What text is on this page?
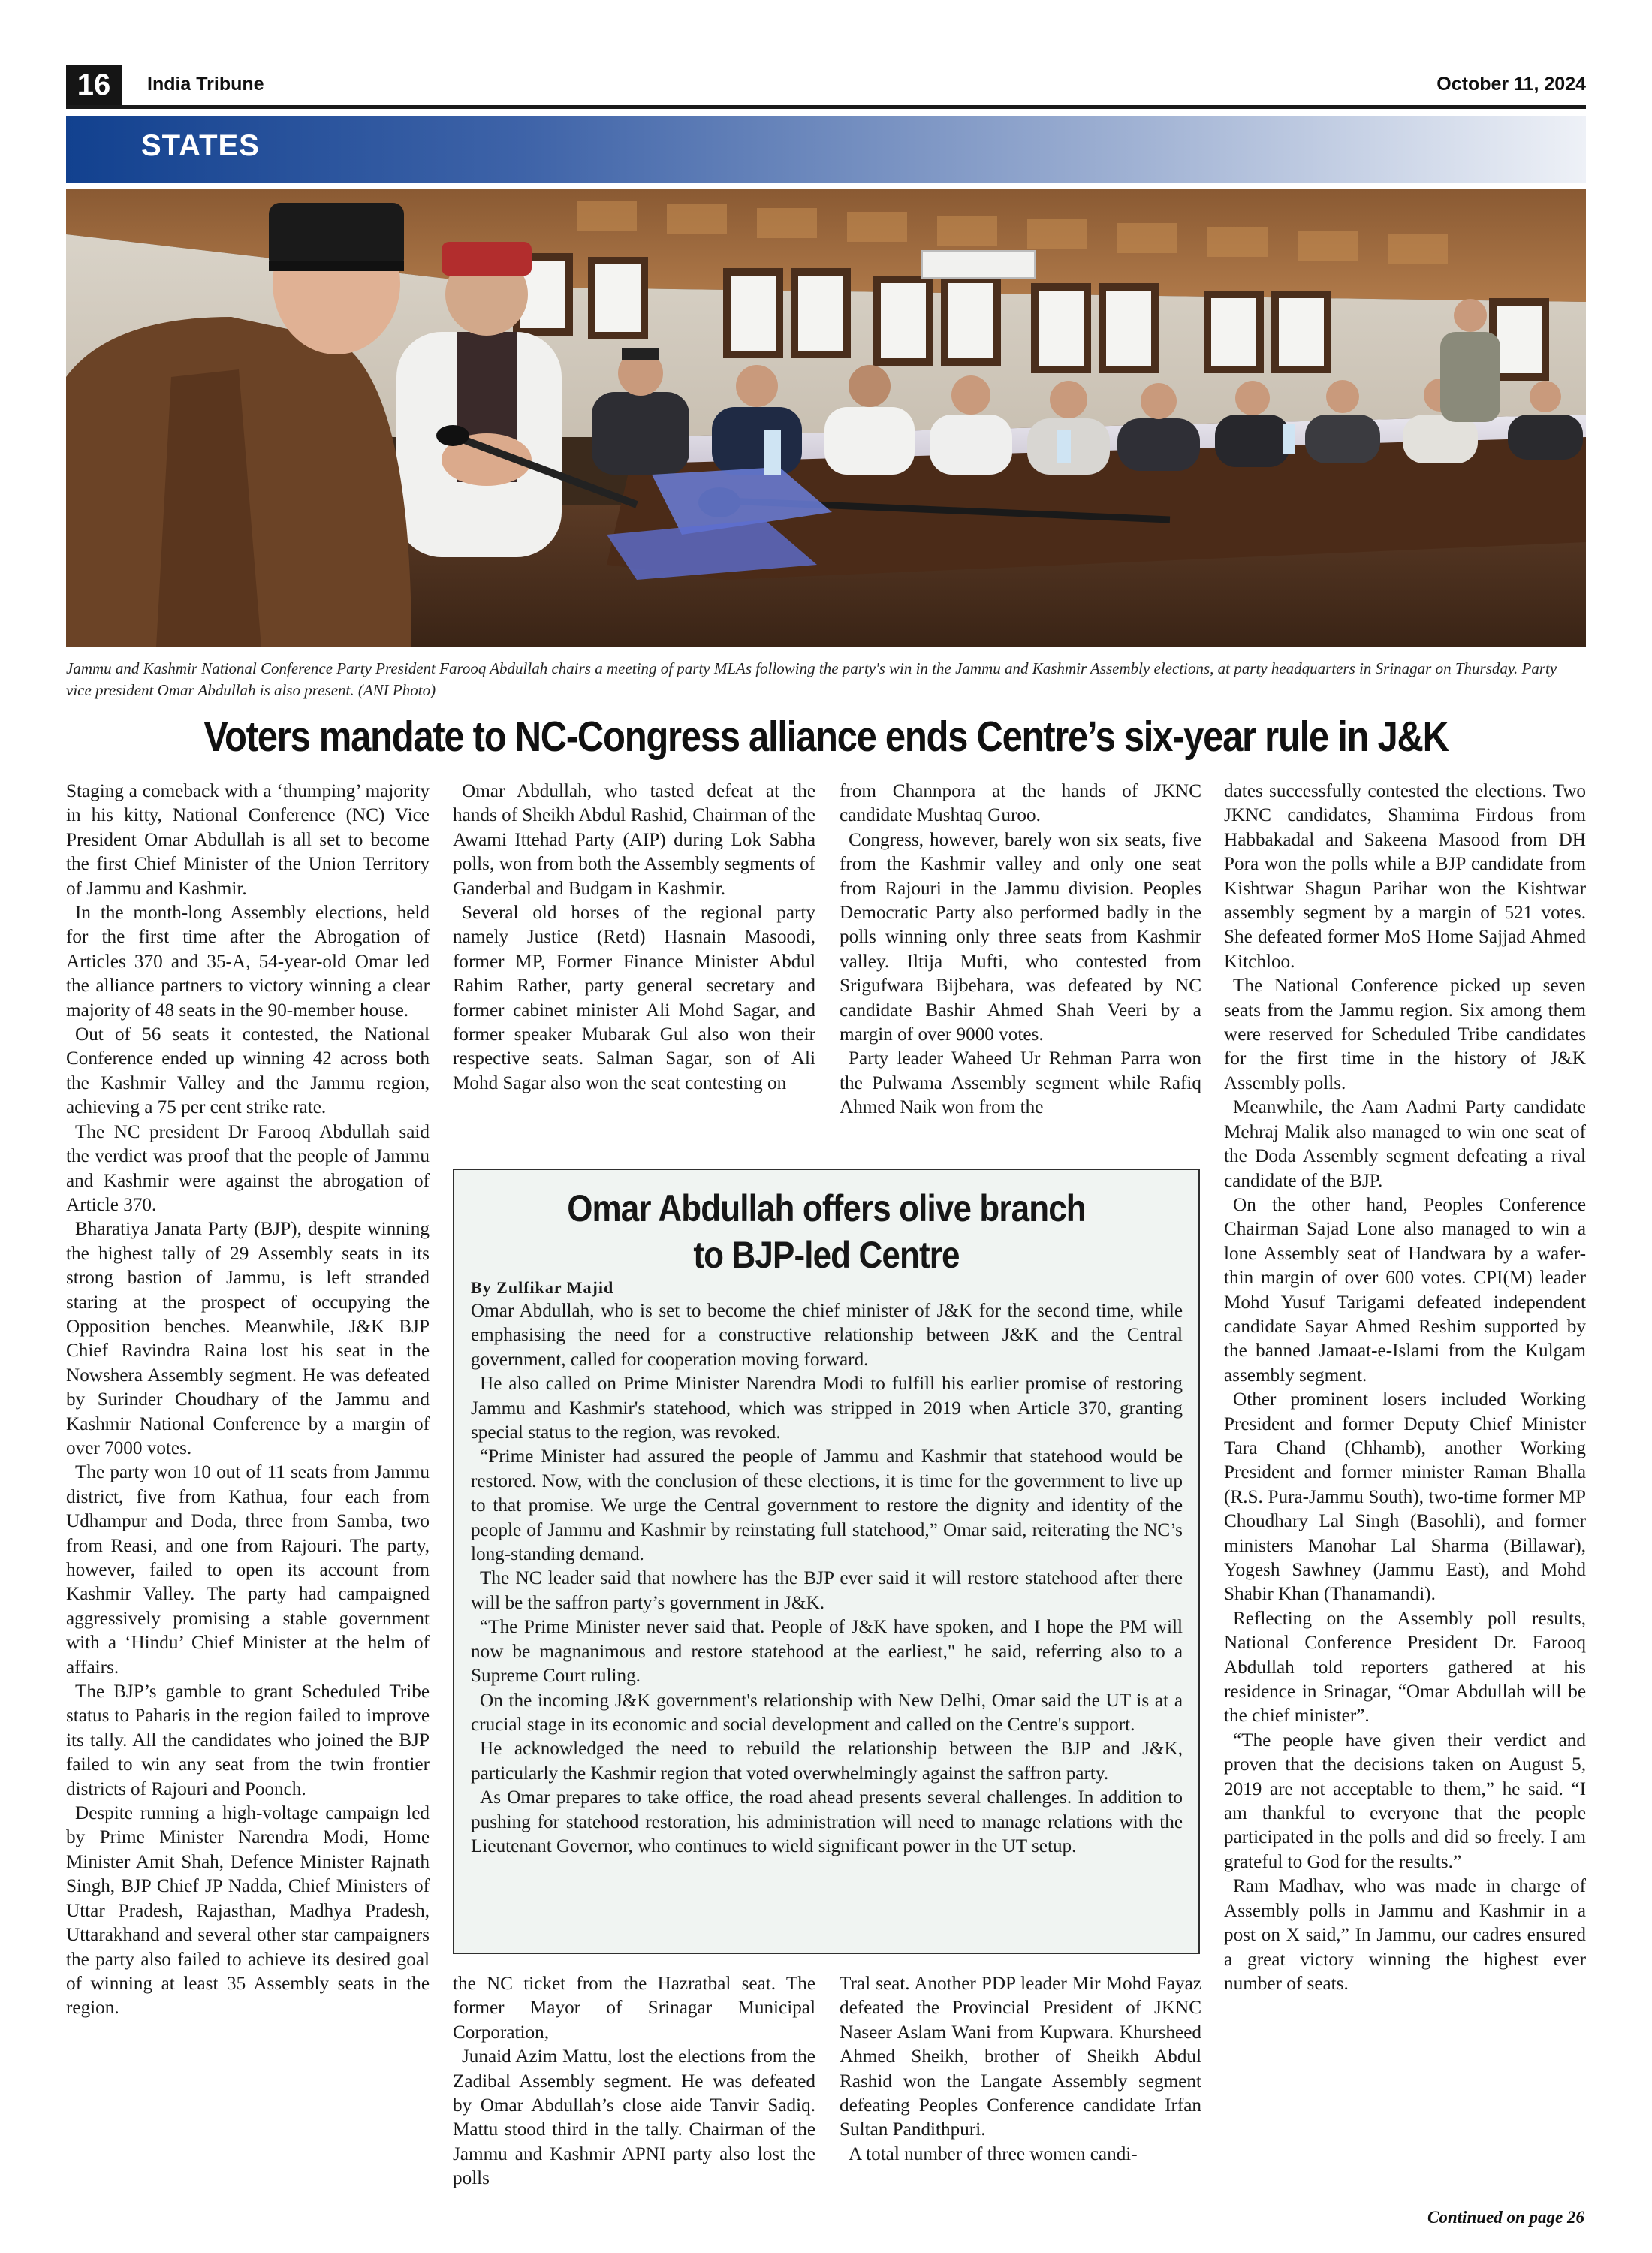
16	India Tribune	October 11, 2024
STATES
Jammu and Kashmir National Conference Party President Farooq Abdullah chairs a meeting of party MLAs following the party's win in the Jammu and Kashmir Assembly elections, at party headquarters in Srinagar on Thursday. Party vice president Omar Abdullah is also present. (ANI Photo)
Voters mandate to NC-Congress alliance ends Centre’s six-year rule in J&K

Staging a comeback with a ‘thumping’ majority in his kitty, National Conference (NC) Vice President Omar Abdullah is all set to become the first Chief Minister of the Union Territory of Jammu and Kashmir.

In the month-long Assembly elections, held for the first time after the Abrogation of Articles 370 and 35-A, 54-year-old Omar led the alliance partners to victory winning a clear majority of 48 seats in the 90-member house.

Out of 56 seats it contested, the National Conference ended up winning 42 across both the Kashmir Valley and the Jammu region, achieving a 75 per cent strike rate.

The NC president Dr Farooq Abdullah said the verdict was proof that the people of Jammu and Kashmir were against the abrogation of Article 370.

Bharatiya Janata Party (BJP), despite winning the highest tally of 29 Assembly seats in its strong bastion of Jammu, is left stranded staring at the prospect of occupying the Opposition benches. Meanwhile, J&K BJP Chief Ravindra Raina lost his seat in the Nowshera Assembly segment. He was defeated by Surinder Choudhary of the Jammu and Kashmir National Conference by a margin of over 7000 votes.

The party won 10 out of 11 seats from Jammu district, five from Kathua, four each from Udhampur and Doda, three from Samba, two from Reasi, and one from Rajouri. The party, however, failed to open its account from Kashmir Valley. The party had campaigned aggressively promising a stable government with a ‘Hindu’ Chief Minister at the helm of affairs.

The BJP’s gamble to grant Scheduled Tribe status to Paharis in the region failed to improve its tally. All the candidates who joined the BJP failed to win any seat from the twin frontier districts of Rajouri and Poonch.

Despite running a high-voltage campaign led by Prime Minister Narendra Modi, Home Minister Amit Shah, Defence Minister Rajnath Singh, BJP Chief JP Nadda, Chief Ministers of Uttar Pradesh, Rajasthan, Madhya Pradesh, Uttarakhand and several other star campaigners the party also failed to achieve its desired goal of winning at least 35 Assembly seats in the region.

Omar Abdullah, who tasted defeat at the hands of Sheikh Abdul Rashid, Chairman of the Awami Ittehad Party (AIP) during Lok Sabha polls, won from both the Assembly segments of Ganderbal and Budgam in Kashmir.

Several old horses of the regional party namely Justice (Retd) Hasnain Masoodi, former MP, Former Finance Minister Abdul Rahim Rather, party general secretary and former cabinet minister Ali Mohd Sagar, and former speaker Mubarak Gul also won their respective seats. Salman Sagar, son of Ali Mohd Sagar also won the seat contesting on

from Channpora at the hands of JKNC candidate Mushtaq Guroo.

Congress, however, barely won six seats, five from the Kashmir valley and only one seat from Rajouri in the Jammu division. Peoples Democratic Party also performed badly in the polls winning only three seats from Kashmir valley. Iltija Mufti, who contested from Srigufwara Bijbehara, was defeated by NC candidate Bashir Ahmed Shah Veeri by a margin of over 9000 votes.

Party leader Waheed Ur Rehman Parra won the Pulwama Assembly segment while Rafiq Ahmed Naik won from the

dates successfully contested the elections. Two JKNC candidates, Shamima Firdous from Habbakadal and Sakeena Masood from DH Pora won the polls while a BJP candidate from Kishtwar Shagun Parihar won the Kishtwar assembly segment by a margin of 521 votes. She defeated former MoS Home Sajjad Ahmed Kitchloo.

The National Conference picked up seven seats from the Jammu region. Six among them were reserved for Scheduled Tribe candidates for the first time in the history of J&K Assembly polls.

Meanwhile, the Aam Aadmi Party candidate Mehraj Malik also managed to win one seat of the Doda Assembly segment defeating a rival candidate of the BJP.

On the other hand, Peoples Conference Chairman Sajad Lone also managed to win a lone Assembly seat of Handwara by a wafer-thin margin of over 600 votes. CPI(M) leader Mohd Yusuf Tarigami defeated independent candidate Sayar Ahmed Reshim supported by the banned Jamaat-e-Islami from the Kulgam assembly segment.

Other prominent losers included Working President and former Deputy Chief Minister Tara Chand (Chhamb), another Working President and former minister Raman Bhalla (R.S. Pura-Jammu South), two-time former MP Choudhary Lal Singh (Basohli), and former ministers Manohar Lal Sharma (Billawar), Yogesh Sawhney (Jammu East), and Mohd Shabir Khan (Thanamandi).

Reflecting on the Assembly poll results, National Conference President Dr. Farooq Abdullah told reporters gathered at his residence in Srinagar, “Omar Abdullah will be the chief minister”.

“The people have given their verdict and proven that the decisions taken on August 5, 2019 are not acceptable to them,” he said. “I am thankful to everyone that the people participated in the polls and did so freely. I am grateful to God for the results.”

Ram Madhav, who was made in charge of Assembly polls in Jammu and Kashmir in a post on X said,” In Jammu, our cadres ensured a great victory winning the highest ever number of seats.

Omar Abdullah offers olive branch
to BJP-led Centre
By Zulfikar Majid

Omar Abdullah, who is set to become the chief minister of J&K for the second time, while emphasising the need for a constructive relationship between J&K and the Central government, called for cooperation moving forward.

He also called on Prime Minister Narendra Modi to fulfill his earlier promise of restoring Jammu and Kashmir's statehood, which was stripped in 2019 when Article 370, granting special status to the region, was revoked.

“Prime Minister had assured the people of Jammu and Kashmir that statehood would be restored. Now, with the conclusion of these elections, it is time for the government to live up to that promise. We urge the Central government to restore the dignity and identity of the people of Jammu and Kashmir by reinstating full statehood,” Omar said, reiterating the NC’s long-standing demand.

The NC leader said that nowhere has the BJP ever said it will restore statehood after there will be the saffron party’s government in J&K.

“The Prime Minister never said that. People of J&K have spoken, and I hope the PM will now be magnanimous and restore statehood at the earliest," he said, referring also to a Supreme Court ruling.

On the incoming J&K government's relationship with New Delhi, Omar said the UT is at a crucial stage in its economic and social development and called on the Centre's support.

He acknowledged the need to rebuild the relationship between the BJP and J&K, particularly the Kashmir region that voted overwhelmingly against the saffron party.

As Omar prepares to take office, the road ahead presents several challenges. In addition to pushing for statehood restoration, his administration will need to manage relations with the Lieutenant Governor, who continues to wield significant power in the UT setup.

the NC ticket from the Hazratbal seat. The former Mayor of Srinagar Municipal Corporation,

Junaid Azim Mattu, lost the elections from the Zadibal Assembly segment. He was defeated by Omar Abdullah’s close aide Tanvir Sadiq. Mattu stood third in the tally. Chairman of the Jammu and Kashmir APNI party also lost the polls

Tral seat. Another PDP leader Mir Mohd Fayaz defeated the Provincial President of JKNC Naseer Aslam Wani from Kupwara. Khursheed Ahmed Sheikh, brother of Sheikh Abdul Rashid won the Langate Assembly segment defeating Peoples Conference candidate Irfan Sultan Pandithpuri.

A total number of three women candi-

Continued on page 26
